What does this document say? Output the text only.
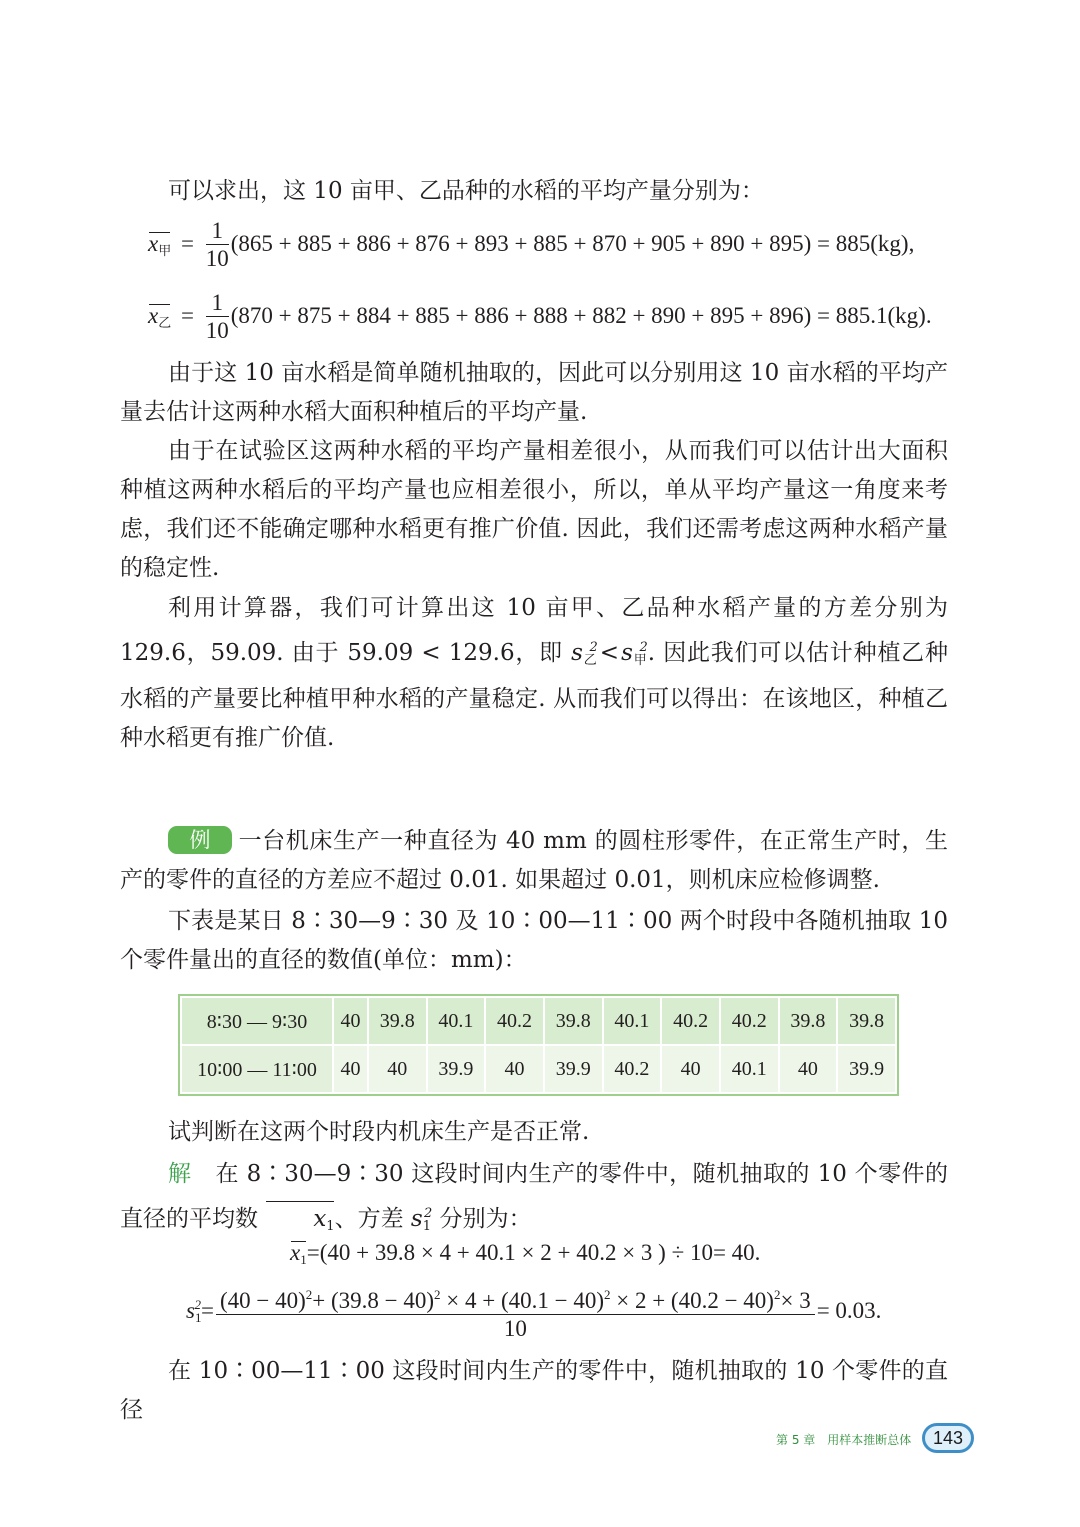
可以求出，这 10 亩甲、乙品种的水稻的平均产量分别为：

$x_甲 = \frac{1}{10} (865 + 885 + 886 + 876 + 893 + 885 + 870 + 905 + 890 + 895) = 885(kg)$,
$x_乙 = \frac{1}{10} (870 + 875 + 884 + 885 + 886 + 888 + 882 + 890 + 895 + 896) = 885.1(kg)$.

由于这 10 亩水稻是简单随机抽取的，因此可以分别用这 10 亩水稻的平均产量去估计这两种水稻大面积种植后的平均产量.

由于在试验区这两种水稻的平均产量相差很小，从而我们可以估计出大面积种植这两种水稻后的平均产量也应相差很小，所以，单从平均产量这一角度来考虑，我们还不能确定哪种水稻更有推广价值. 因此，我们还需考虑这两种水稻产量的稳定性.

利用计算器，我们可计算出这 10 亩甲、乙品种水稻产量的方差分别为 129.6，59.09. 由于 59.09 < 129.6，即 $s_乙^2<s_甲^2$. 因此我们可以估计种植乙种水稻的产量要比种植甲种水稻的产量稳定. 从而我们可以得出：在该地区，种植乙种水稻更有推广价值.

例 一台机床生产一种直径为 40 mm 的圆柱形零件，在正常生产时，生产的零件的直径的方差应不超过 0.01. 如果超过 0.01，则机床应检修调整.

下表是某日 8∶30—9∶30 及 10∶00—11∶00 两个时段中各随机抽取 10 个零件量出的直径的数值(单位：mm)：

8∶30 — 9∶30	40	39.8	40.1	40.2	39.8	40.1	40.2	40.2	39.8	39.8
10∶00 — 11∶00	40	40	39.9	40	39.9	40.2	40	40.1	40	39.9

试判断在这两个时段内机床生产是否正常.

解 在 8∶30—9∶30 这段时间内生产的零件中，随机抽取的 10 个零件的直径的平均数 $x_1$、方差 $s_1^2$ 分别为：

$x_1=(40 + 39.8 \times 4 + 40.1 \times 2 + 40.2 \times 3$ ) ÷ 10= 40.
$s_1^2= (40 - 40)^2+ (39.8 - 40)^2 \times 4 + (40.1 - 40)^2 \times 2 + (40.2 - 40)^2\times 3$
10
= 0.03.

在 10∶00—11∶00 这段时间内生产的零件中，随机抽取的 10 个零件的直径

第 5 章　用样本推断总体	143
